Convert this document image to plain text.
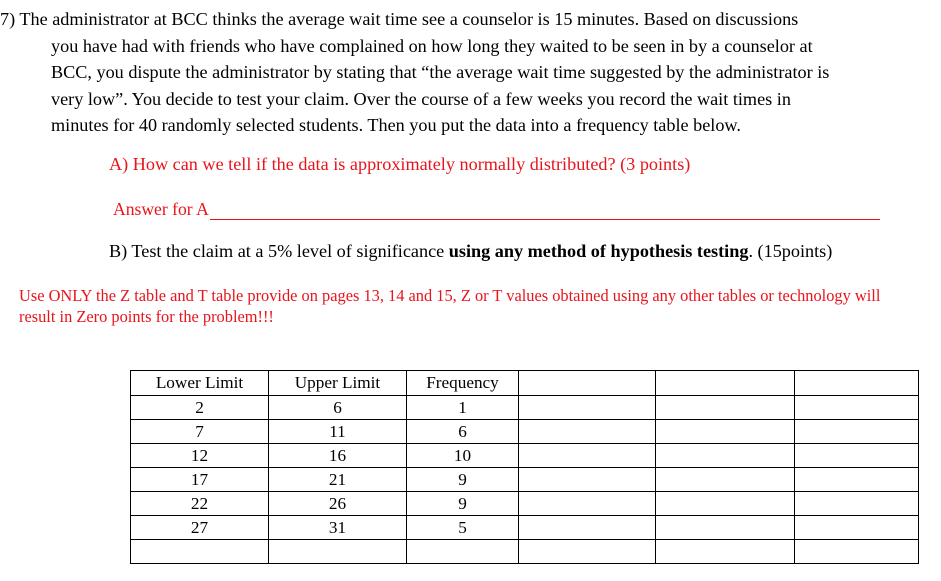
7) The administrator at BCC thinks the average wait time see a counselor is 15 minutes. Based on discussions
you have had with friends who have complained on how long they waited to be seen in by a counselor at
BCC, you dispute the administrator by stating that “the average wait time suggested by the administrator is
very low”. You decide to test your claim. Over the course of a few weeks you record the wait times in
minutes for 40 randomly selected students. Then you put the data into a frequency table below.
A) How can we tell if the data is approximately normally distributed? (3 points)
Answer for A
B) Test the claim at a 5% level of significance using any method of hypothesis testing. (15points)
Use ONLY the Z table and T table provide on pages 13, 14 and 15, Z or T values obtained using any other tables or technology will result in Zero points for the problem!!!
Lower Limit	Upper Limit	Frequency			
2	6	1			
7	11	6			
12	16	10			
17	21	9			
22	26	9			
27	31	5			
